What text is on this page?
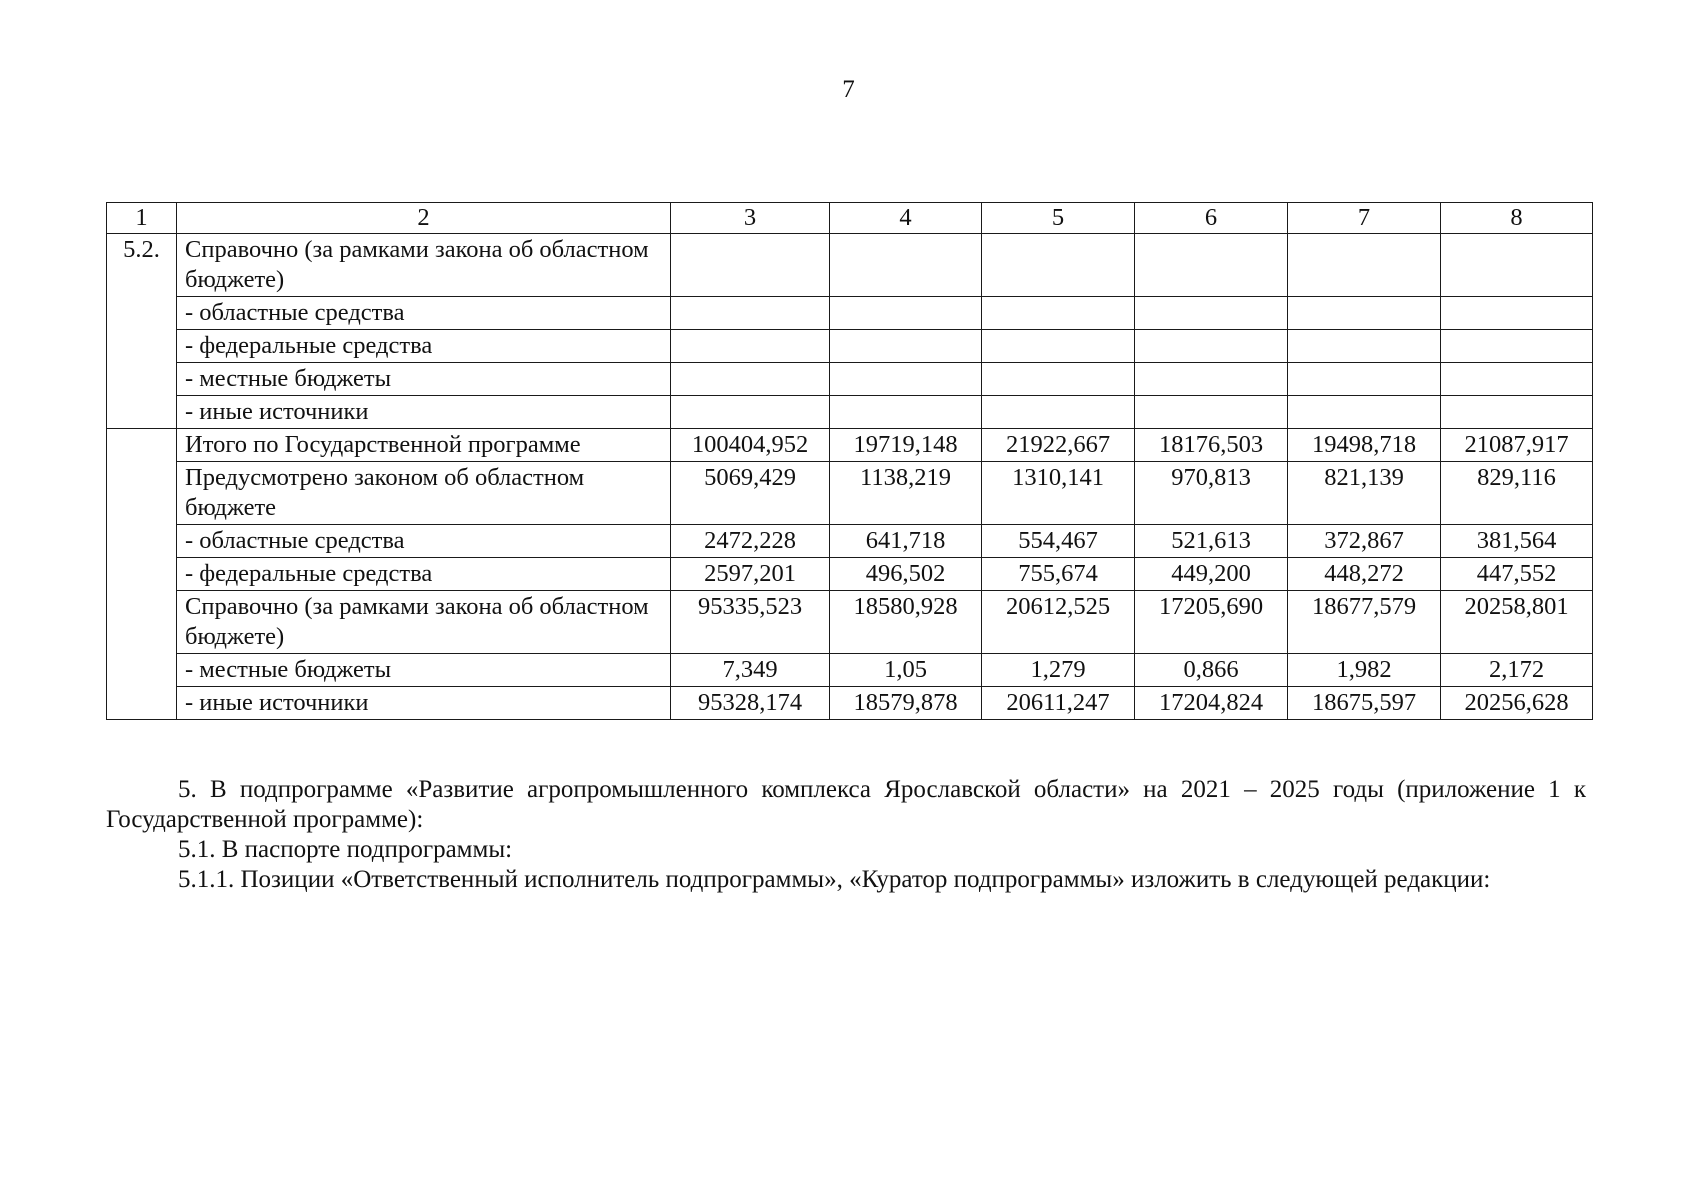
7
1	2	3	4	5	6	7	8
5.2.	Справочно (за рамками закона об областном бюджете)						
	- областные средства						
	- федеральные средства						
	- местные бюджеты						
	- иные источники						
	Итого по Государственной программе	100404,952	19719,148	21922,667	18176,503	19498,718	21087,917
	Предусмотрено законом об областном бюджете	5069,429	1138,219	1310,141	970,813	821,139	829,116
	- областные средства	2472,228	641,718	554,467	521,613	372,867	381,564
	- федеральные средства	2597,201	496,502	755,674	449,200	448,272	447,552
	Справочно (за рамками закона об областном бюджете)	95335,523	18580,928	20612,525	17205,690	18677,579	20258,801
	- местные бюджеты	7,349	1,05	1,279	0,866	1,982	2,172
	- иные источники	95328,174	18579,878	20611,247	17204,824	18675,597	20256,628

5. В подпрограмме «Развитие агропромышленного комплекса Ярославской области» на 2021 – 2025 годы (приложение 1 к Государственной программе):

5.1. В паспорте подпрограммы:

5.1.1. Позиции «Ответственный исполнитель подпрограммы», «Куратор подпрограммы» изложить в следующей редакции:
